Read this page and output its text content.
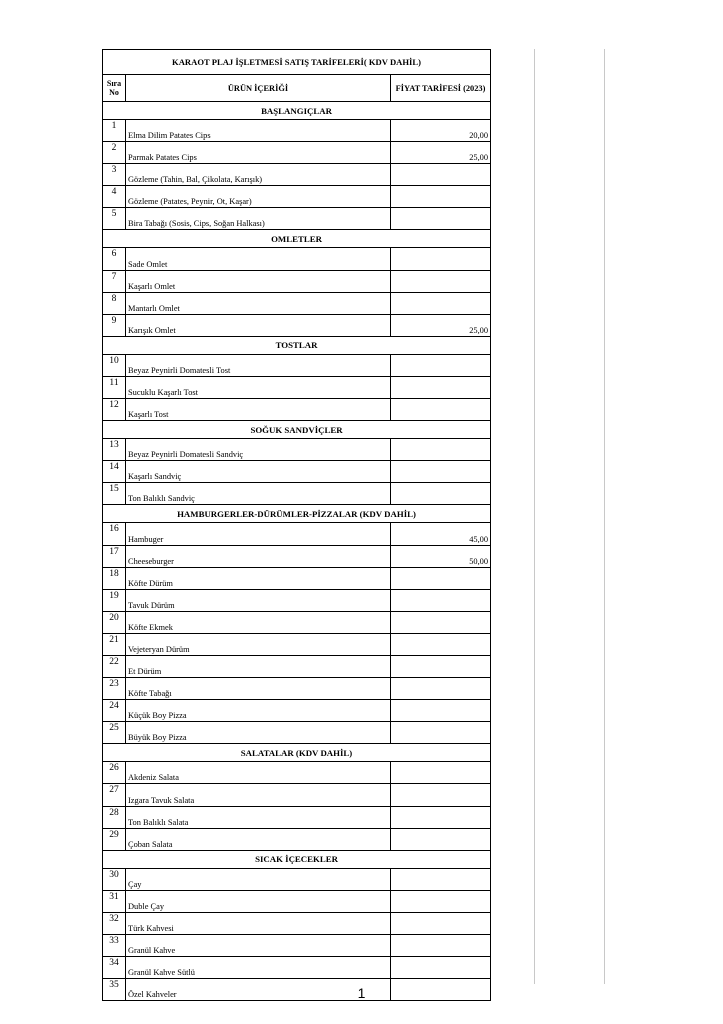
KARAOT PLAJ İŞLETMESİ SATIŞ TARİFELERİ( KDV DAHİL)		
Sıra No	ÜRÜN İÇERİĞİ	FİYAT TARİFESİ (2023)
BAŞLANGIÇLAR		
1	Elma Dilim Patates Cips	20,00
2	Parmak Patates Cips	25,00
3	Gözleme (Tahin, Bal, Çikolata, Karışık)	
4	Gözleme (Patates, Peynir, Ot, Kaşar)	
5	Bira Tabağı (Sosis, Cips, Soğan Halkası)	
OMLETLER		
6	Sade Omlet	
7	Kaşarlı Omlet	
8	Mantarlı Omlet	
9	Karışık Omlet	25,00
TOSTLAR		
10	Beyaz Peynirli Domatesli Tost	
11	Sucuklu Kaşarlı Tost	
12	Kaşarlı Tost	
SOĞUK SANDVİÇLER		
13	Beyaz Peynirli Domatesli Sandviç	
14	Kaşarlı Sandviç	
15	Ton Balıklı Sandviç	
HAMBURGERLER-DÜRÜMLER-PİZZALAR (KDV DAHİL)		
16	Hambuger	45,00
17	Cheeseburger	50,00
18	Köfte Dürüm	
19	Tavuk Dürüm	
20	Köfte Ekmek	
21	Vejeteryan Dürüm	
22	Et Dürüm	
23	Köfte Tabağı	
24	Küçük Boy Pizza	
25	Büyük Boy Pizza	
SALATALAR (KDV DAHİL)		
26	Akdeniz Salata	
27	Izgara Tavuk Salata	
28	Ton Balıklı Salata	
29	Çoban Salata	
SICAK İÇECEKLER		
30	Çay	
31	Duble Çay	
32	Türk Kahvesi	
33	Granül Kahve	
34	Granül Kahve Sütlü	
35	Özel Kahveler		1
